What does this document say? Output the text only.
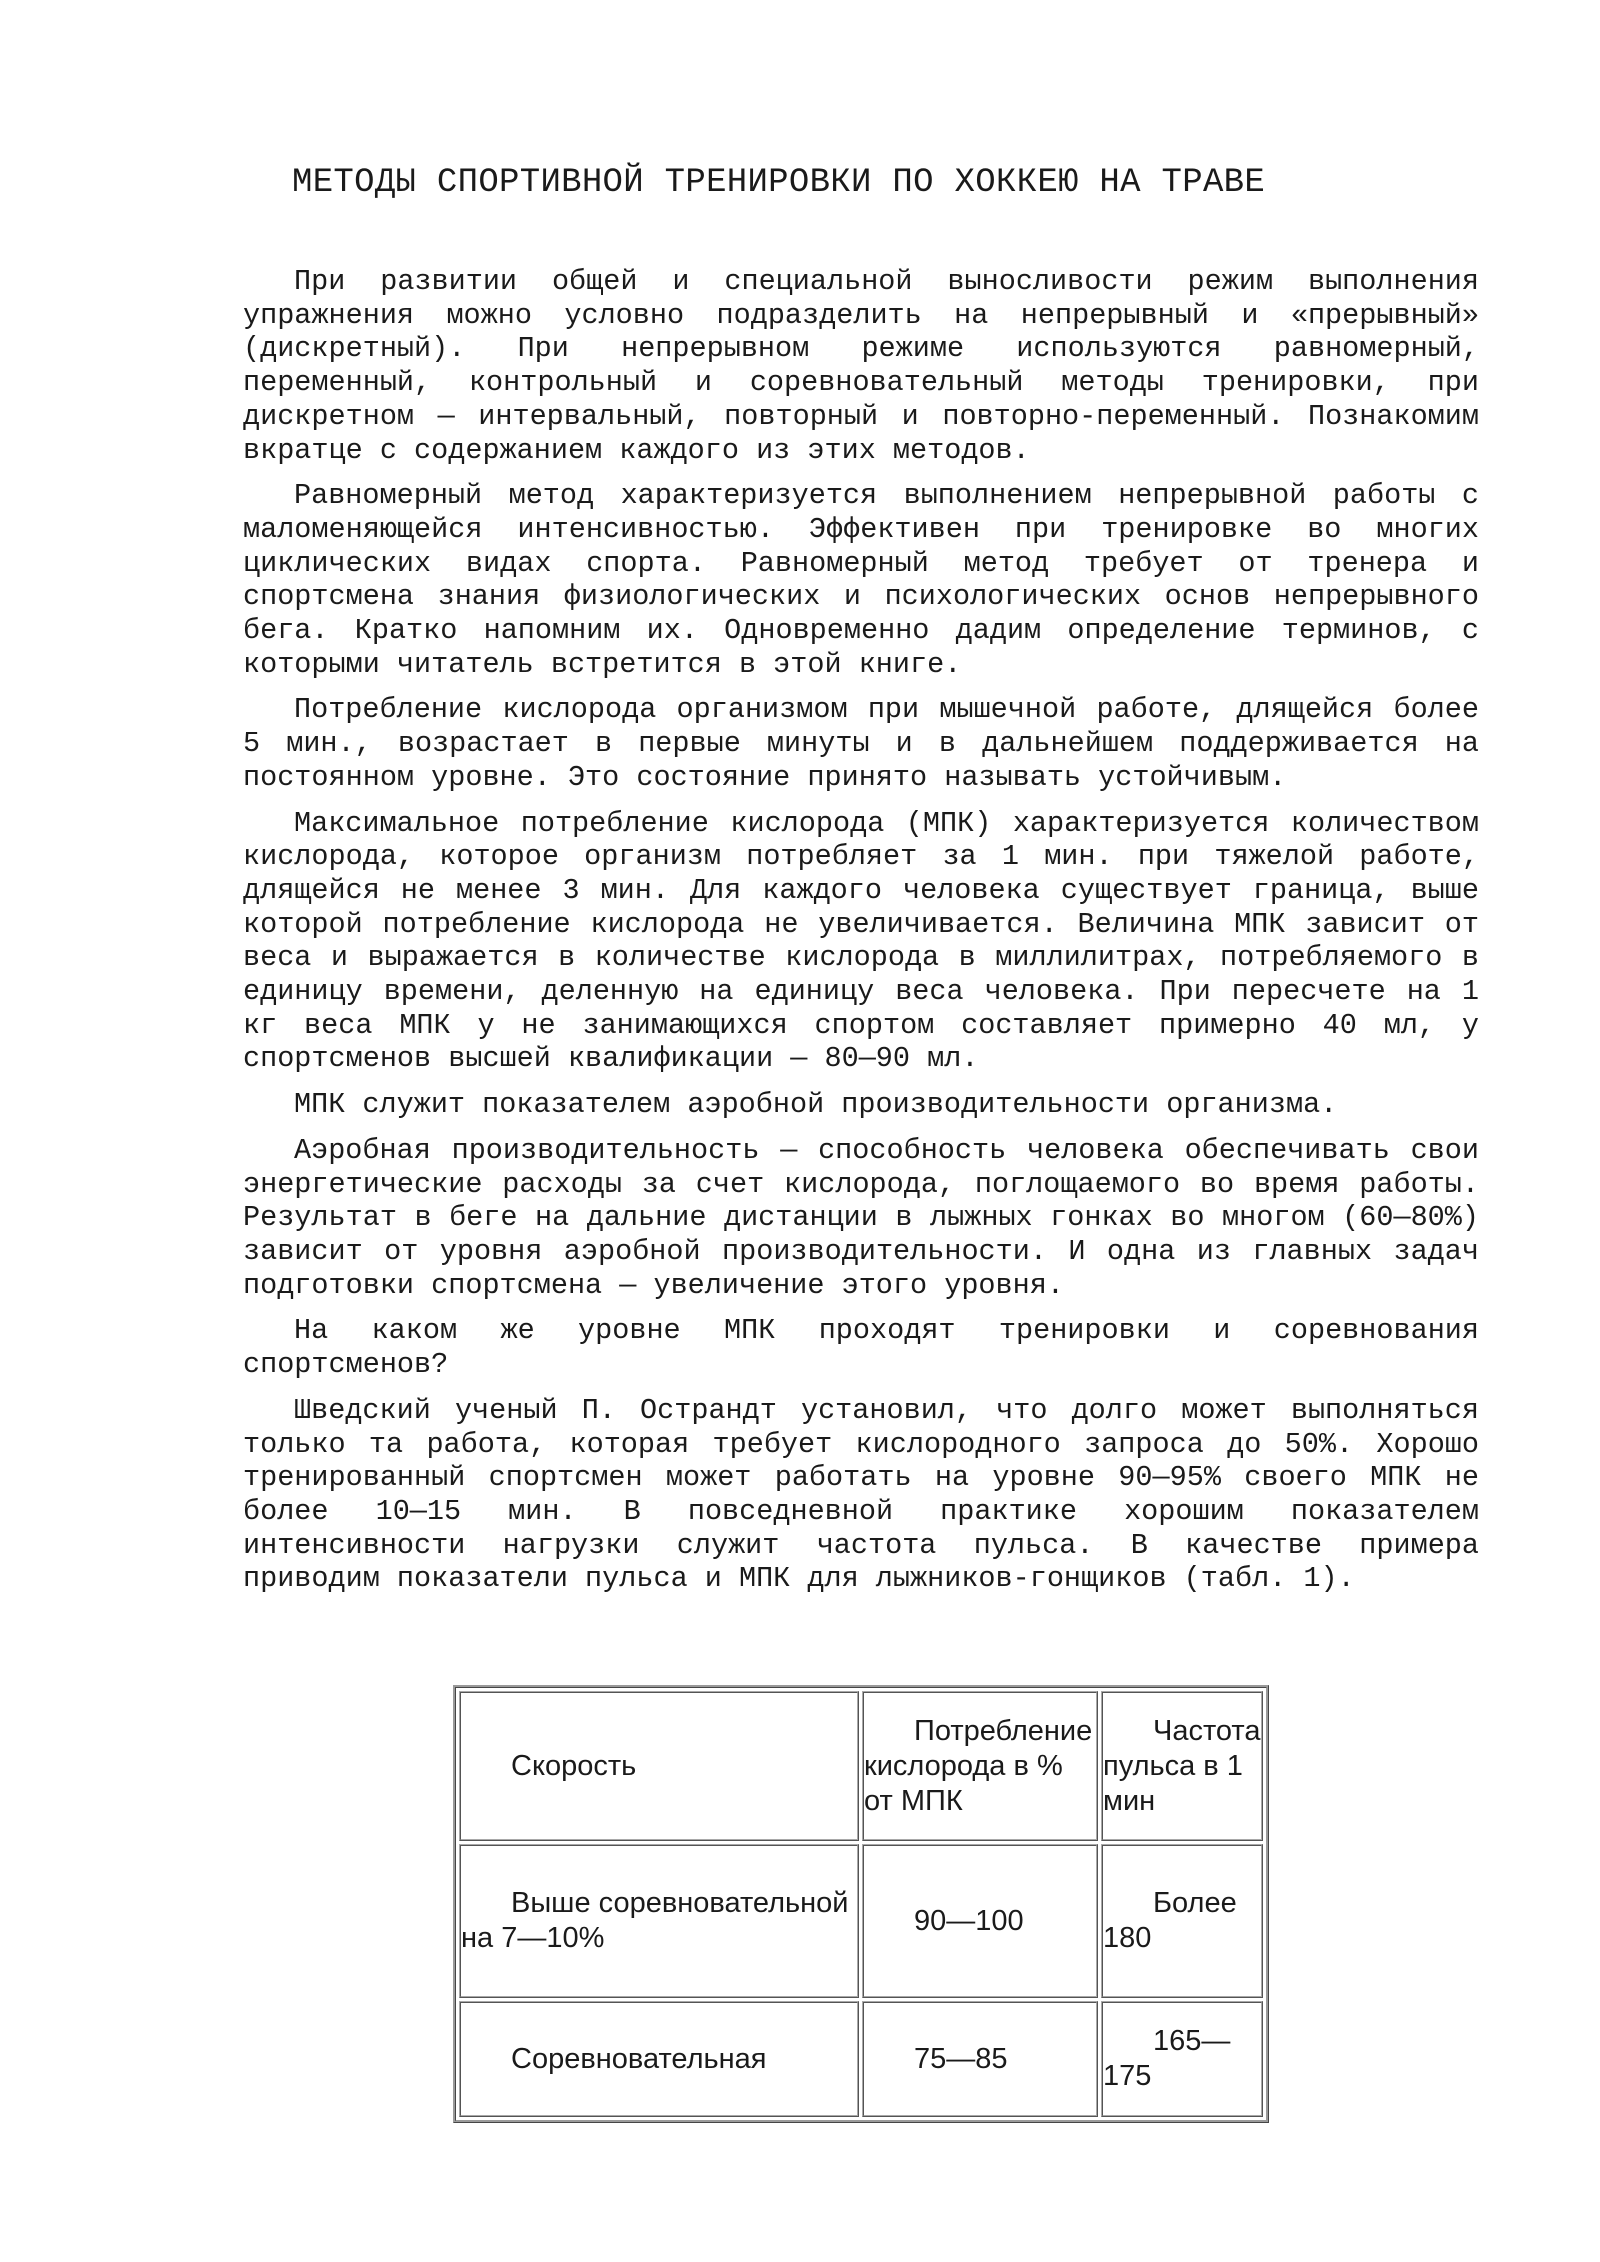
МЕТОДЫ СПОРТИВНОЙ ТРЕНИРОВКИ ПО ХОККЕЮ НА ТРАВЕ

При развитии общей и специальной выносливости режим выполнения упражнения можно условно подразделить на непрерывный и «прерывный» (дискретный). При непрерывном режиме используются равномерный, переменный, контрольный и соревновательный методы тренировки, при дискретном — интервальный, повторный и повторно-переменный. Познакомим вкратце с содержанием каждого из этих методов.

Равномерный метод характеризуется выполнением непрерывной работы с маломеняющейся интенсивностью. Эффективен при тренировке во многих циклических видах спорта. Равномерный метод требует от тренера и спортсмена знания физиологических и психологических основ непрерывного бега. Кратко напомним их. Одновременно дадим определение терминов, с которыми читатель встретится в этой книге.

Потребление кислорода организмом при мышечной работе, длящейся более 5 мин., возрастает в первые минуты и в дальнейшем поддерживается на постоянном уровне. Это состояние принято называть устойчивым.

Максимальное потребление кислорода (МПК) характеризуется количеством кислорода, которое организм потребляет за 1 мин. при тяжелой работе, длящейся не менее 3 мин. Для каждого человека существует граница, выше которой потребление кислорода не увеличивается. Величина МПК зависит от веса и выражается в количестве кислорода в миллилитрах, потребляемого в единицу времени, деленную на единицу веса человека. При пересчете на 1 кг веса МПК у не занимающихся спортом составляет примерно 40 мл, у спортсменов высшей квалификации — 80—90 мл.

МПК служит показателем аэробной производительности организма.

Аэробная производительность — способность человека обеспечивать свои энергетические расходы за счет кислорода, поглощаемого во время работы. Результат в беге на дальние дистанции в лыжных гонках во многом (60—80%) зависит от уровня аэробной производительности. И одна из главных задач подготовки спортсмена — увеличение этого уровня.

На каком же уровне МПК проходят тренировки и соревнования спортсменов?

Шведский ученый П. Острандт установил, что долго может выполняться только та работа, которая требует кислородного запроса до 50%. Хорошо тренированный спортсмен может работать на уровне 90—95% своего МПК не более 10—15 мин. В повседневной практике хорошим показателем интенсивности нагрузки служит частота пульса. В качестве примера приводим показатели пульса и МПК для лыжников-гонщиков (табл. 1).

Скорость	Потребление кислорода в % от МПК	Частота пульса в 1 мин
Выше соревновательной на 7—10%	90—100	Более 180
Соревновательная	75—85	165—175
